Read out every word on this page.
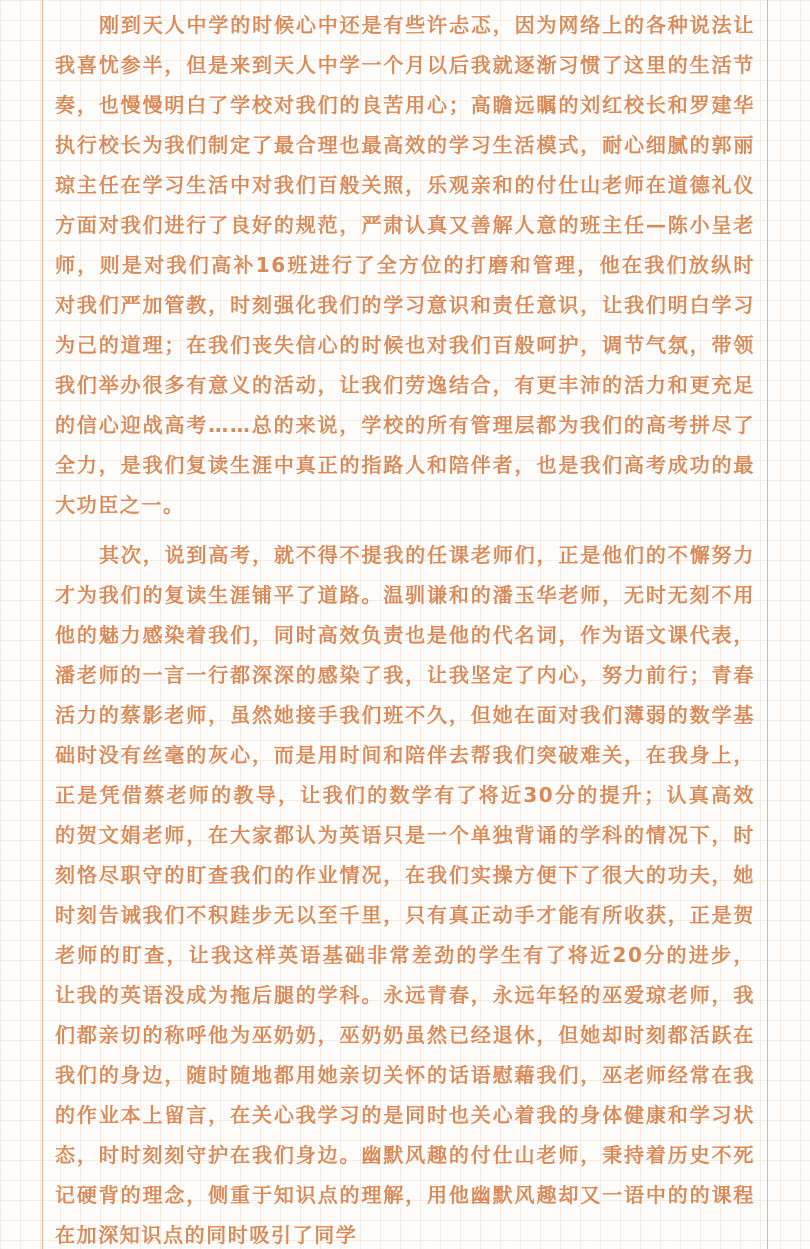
刚到天人中学的时候心中还是有些许忐忑，因为网络上的各种说法让我喜忧参半，但是来到天人中学一个月以后我就逐渐习惯了这里的生活节奏，也慢慢明白了学校对我们的良苦用心；高瞻远瞩的刘红校长和罗建华执行校长为我们制定了最合理也最高效的学习生活模式，耐心细腻的郭丽琼主任在学习生活中对我们百般关照，乐观亲和的付仕山老师在道德礼仪方面对我们进行了良好的规范，严肃认真又善解人意的班主任—陈小呈老师，则是对我们高补16班进行了全方位的打磨和管理，他在我们放纵时对我们严加管教，时刻强化我们的学习意识和责任意识，让我们明白学习为己的道理；在我们丧失信心的时候也对我们百般呵护，调节气氛，带领我们举办很多有意义的活动，让我们劳逸结合，有更丰沛的活力和更充足的信心迎战高考……总的来说，学校的所有管理层都为我们的高考拼尽了全力，是我们复读生涯中真正的指路人和陪伴者，也是我们高考成功的最大功臣之一。

其次，说到高考，就不得不提我的任课老师们，正是他们的不懈努力才为我们的复读生涯铺平了道路。温驯谦和的潘玉华老师，无时无刻不用他的魅力感染着我们，同时高效负责也是他的代名词，作为语文课代表，潘老师的一言一行都深深的感染了我，让我坚定了内心，努力前行；青春活力的蔡影老师，虽然她接手我们班不久，但她在面对我们薄弱的数学基础时没有丝毫的灰心，而是用时间和陪伴去帮我们突破难关，在我身上，正是凭借蔡老师的教导，让我们的数学有了将近30分的提升；认真高效的贺文娟老师，在大家都认为英语只是一个单独背诵的学科的情况下，时刻恪尽职守的盯查我们的作业情况，在我们实操方便下了很大的功夫，她时刻告诫我们不积跬步无以至千里，只有真正动手才能有所收获，正是贺老师的盯查，让我这样英语基础非常差劲的学生有了将近20分的进步，让我的英语没成为拖后腿的学科。永远青春，永远年轻的巫爱琼老师，我们都亲切的称呼他为巫奶奶，巫奶奶虽然已经退休，但她却时刻都活跃在我们的身边，随时随地都用她亲切关怀的话语慰藉我们，巫老师经常在我的作业本上留言，在关心我学习的是同时也关心着我的身体健康和学习状态，时时刻刻守护在我们身边。幽默风趣的付仕山老师，秉持着历史不死记硬背的理念，侧重于知识点的理解，用他幽默风趣却又一语中的的课程在加深知识点的同时吸引了同学
